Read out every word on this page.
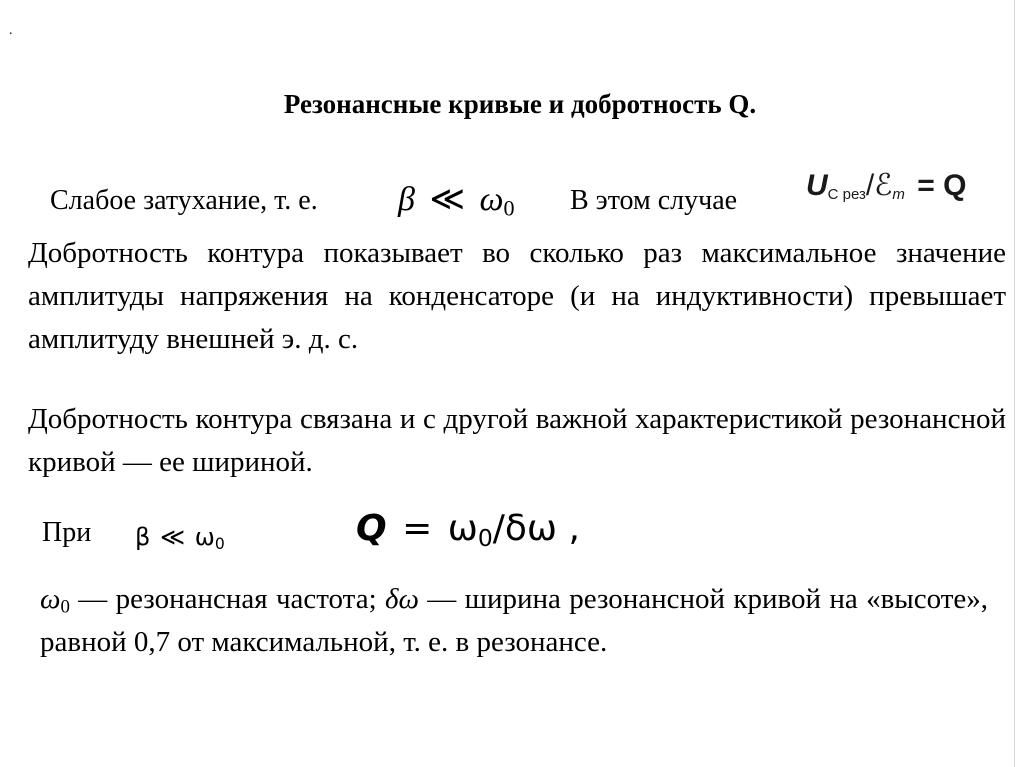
.
Резонансные кривые и добротность Q.
Слабое затухание, т. е. β ≪ $\omega_0$ В этом случае $U_{C рез}/ℰ_m = Q$
Добротность контура показывает во сколько раз максимальное значение амплитуды напряжения на конденсаторе (и на индуктивности) превышает амплитуду внешней э. д. с.
Добротность контура связана и с другой важной характеристикой резонансной кривой — ее шириной.
При β ≪ $\omega_0$	$Q = \omega_0/\delta\omega$ ,
$\omega_0$ — резонансная частота; δω — ширина резонансной кривой на «высоте», равной 0,7 от максимальной, т. е. в резонансе.
